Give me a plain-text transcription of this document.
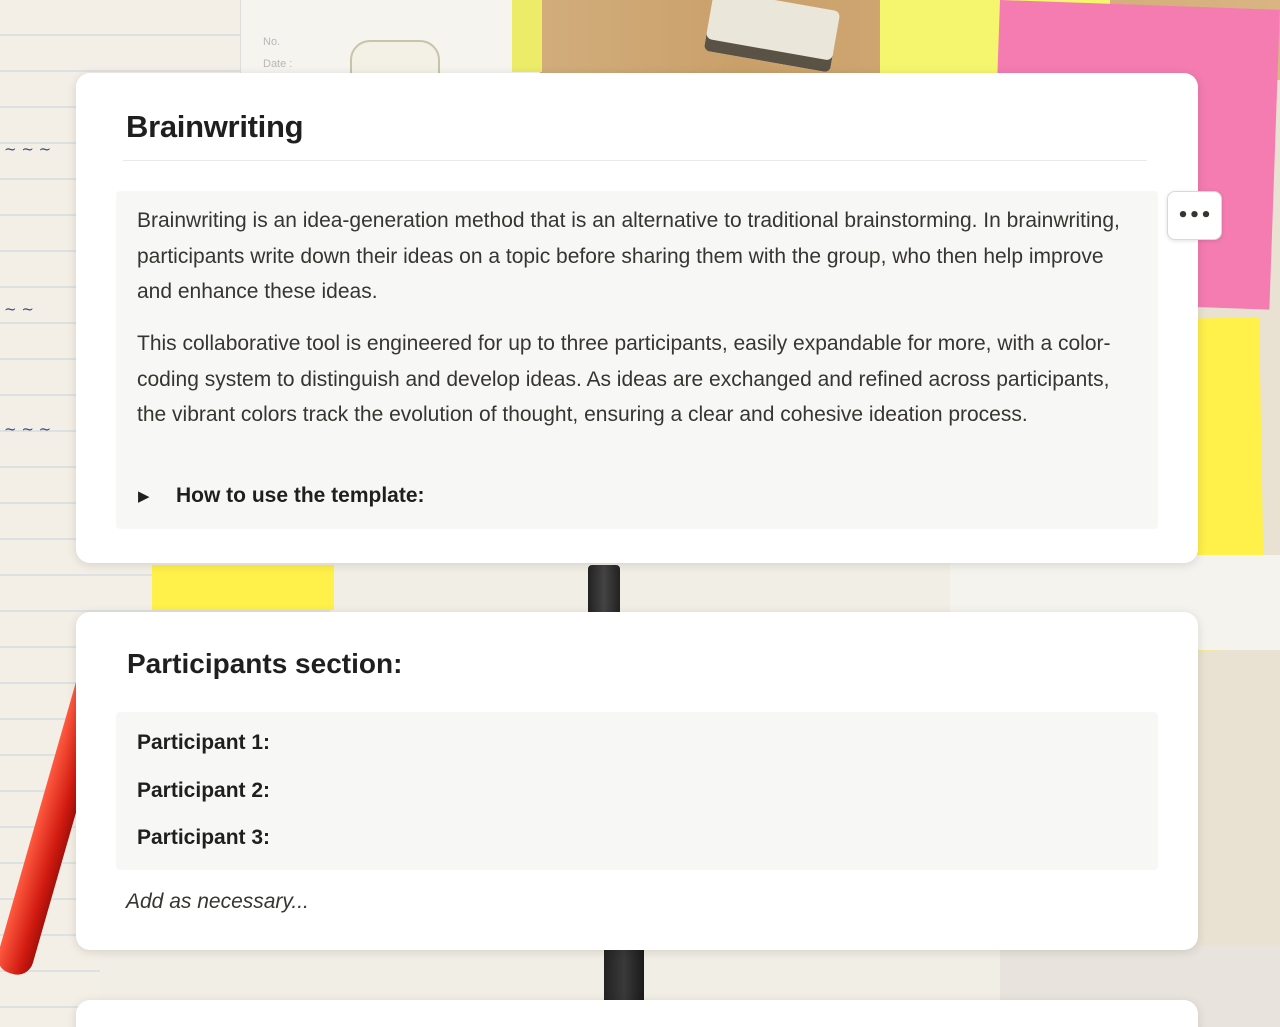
No.
Date :
~ ~ ~
~ ~
~ ~ ~
Brainwriting

Brainwriting is an idea-generation method that is an alternative to traditional brainstorming. In brainwriting, participants write down their ideas on a topic before sharing them with the group, who then help improve and enhance these ideas.

This collaborative tool is engineered for up to three participants, easily expandable for more, with a color-coding system to distinguish and develop ideas. As ideas are exchanged and refined across participants, the vibrant colors track the evolution of thought, ensuring a clear and cohesive ideation process.

▶	How to use the template:
•••
Participants section:
Participant 1:
Participant 2:
Participant 3:
Add as necessary...
